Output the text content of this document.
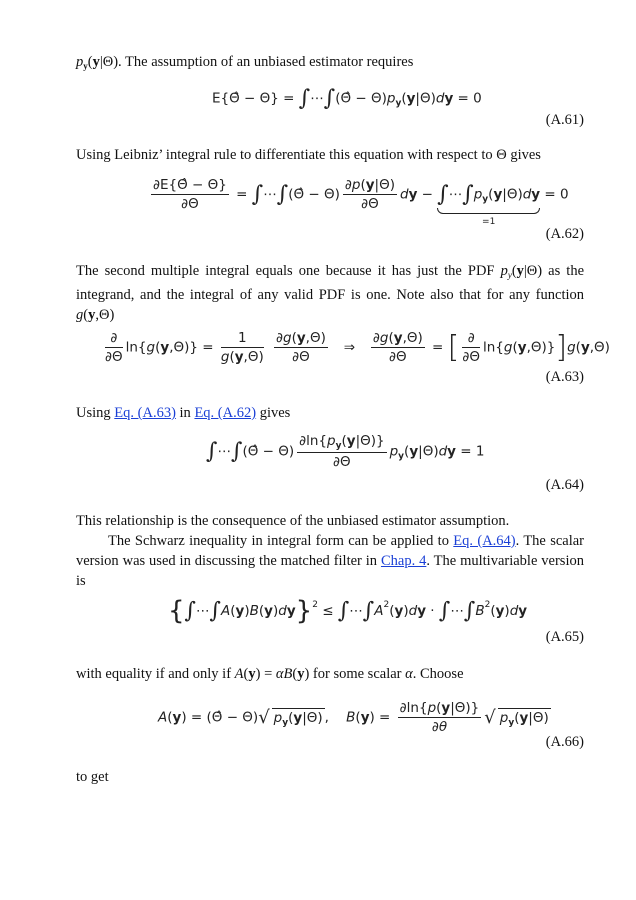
$p_y(y|\Theta)$. The assumption of an unbiased estimator requires
E{Θ̂ − Θ} = ∫⋯∫(Θ̂ − $\Theta)p_y(y|\Theta)dy = 0$
(A.61)
Using Leibniz’ integral rule to differentiate this equation with respect to Θ gives
$\frac{\partial E\{\Thetâ - \Theta\}}{\partial\Theta}$ = ∫⋯∫(Θ̂ − $\Theta) \frac{\partial p(y|\Theta)}{\partial\Theta}$ dy − $\int\cdots\int p_y(y|\Theta)dy$
=1
= 0
(A.62)
The second multiple integral equals one because it has just the PDF $p_y(y|\Theta)$ as the integrand, and the integral of any valid PDF is one. Note also that for any function g(y,Θ)
$\frac{\partial}{\partial\Theta} \ln\{g(y,\Theta)\} = \frac{1}{g(y,\Theta)}$
$\frac{\partial g(y,\Theta)}{\partial\Theta}$ ⇒ $\frac{\partial g(y,\Theta)}{\partial\Theta}$ = [ $\frac{\partial}{\partial\Theta} \ln\{g(y,\Theta)\}]g(y,\Theta)$
(A.63)
Using Eq. (A.63) in Eq. (A.62) gives
∫⋯∫(Θ̂ − $\Theta) \frac{\partial\ln\{p_y(y|\Theta)\}}{\partial\Theta} p_y(y|\Theta)dy = 1$
(A.64)
This relationship is the consequence of the unbiased estimator assumption.
The Schwarz inequality in integral form can be applied to Eq. (A.64). The scalar version was used in discussing the matched filter in Chap. 4. The multivariable version is
{∫⋯∫A(y)B(y)dy}$^2$ ≤ $\int\cdots\int A^2(y)dy$ · $\int\cdots\int B^2(y)dy$
(A.65)
with equality if and only if A(y) = αB(y) for some scalar α. Choose
A(y) = (Θ̂ − Θ)√ $p_y(y|\Theta)$ ,    $B(y) = \frac{\partial\ln\{p(y|\Theta)\}}{\partial\theta}$ √ $p_y(y|\Theta)$
(A.66)
to get
